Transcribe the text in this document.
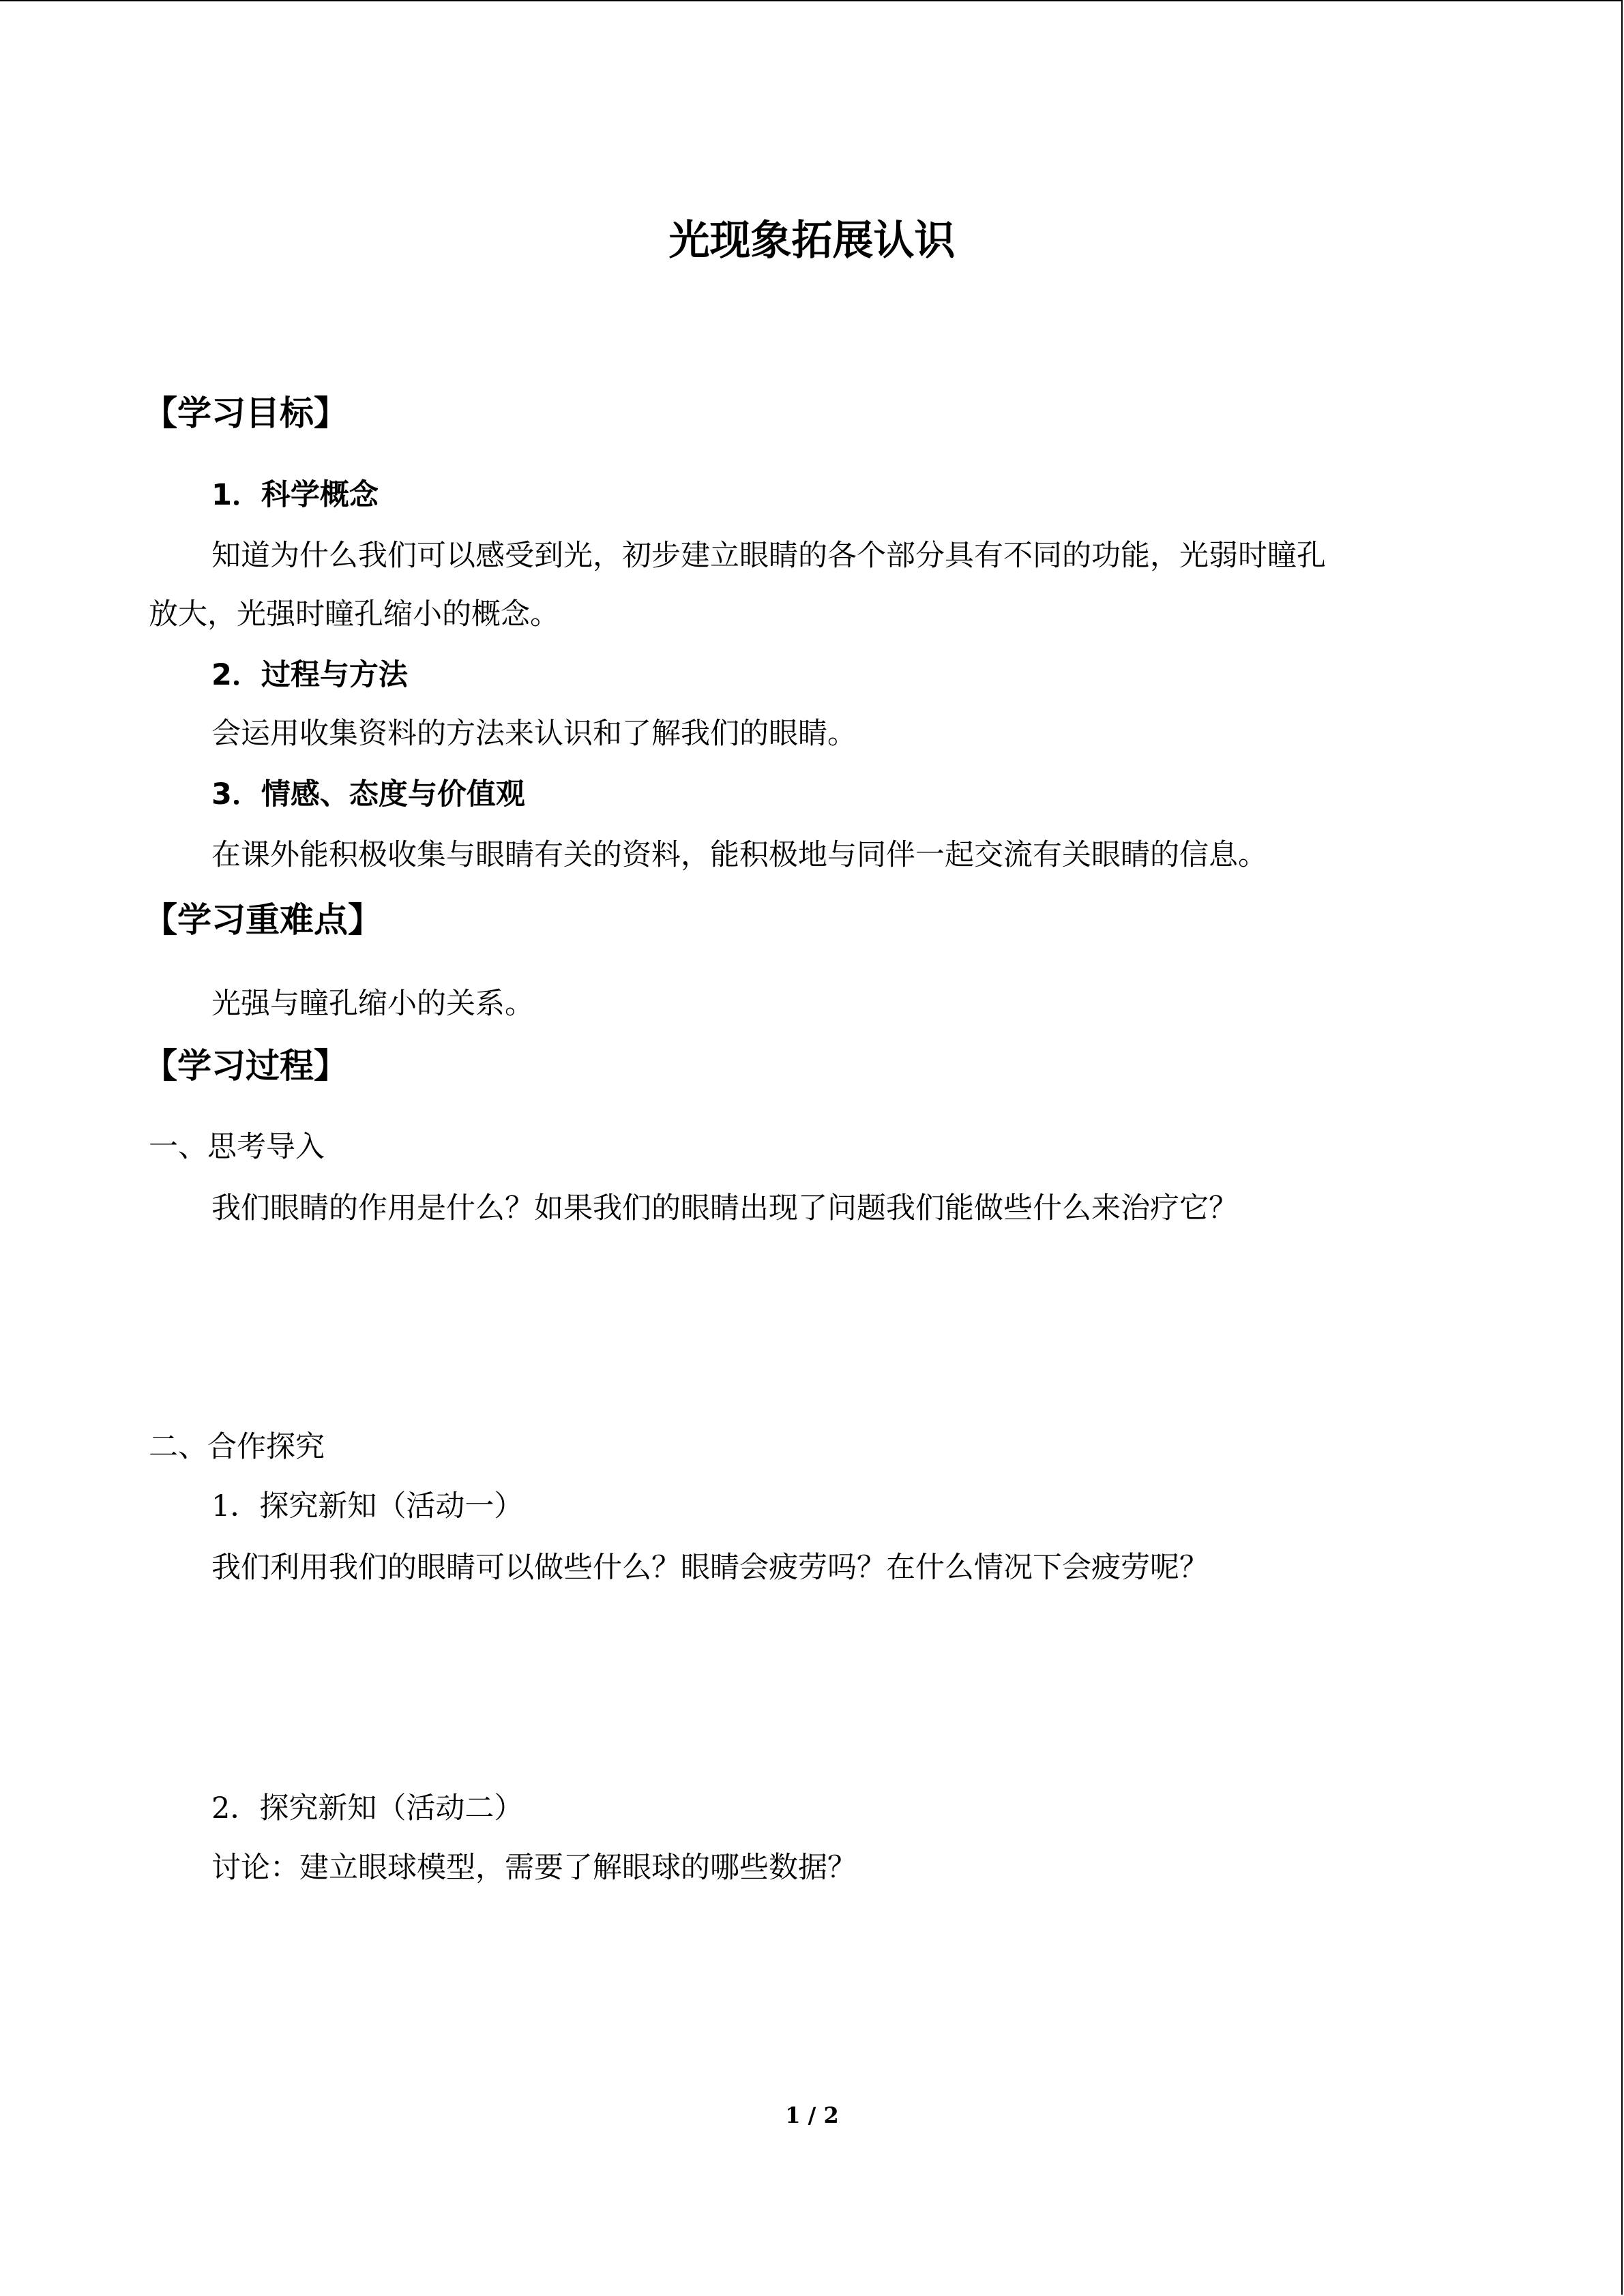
光现象拓展认识
【学习目标】
1．科学概念
知道为什么我们可以感受到光，初步建立眼睛的各个部分具有不同的功能，光弱时瞳孔
放大，光强时瞳孔缩小的概念。
2．过程与方法
会运用收集资料的方法来认识和了解我们的眼睛。
3．情感、态度与价值观
在课外能积极收集与眼睛有关的资料，能积极地与同伴一起交流有关眼睛的信息。
【学习重难点】
光强与瞳孔缩小的关系。
【学习过程】
一、思考导入
我们眼睛的作用是什么？如果我们的眼睛出现了问题我们能做些什么来治疗它？
二、合作探究
1．探究新知（活动一）
我们利用我们的眼睛可以做些什么？眼睛会疲劳吗？在什么情况下会疲劳呢？
2．探究新知（活动二）
讨论：建立眼球模型，需要了解眼球的哪些数据？
1 / 2
